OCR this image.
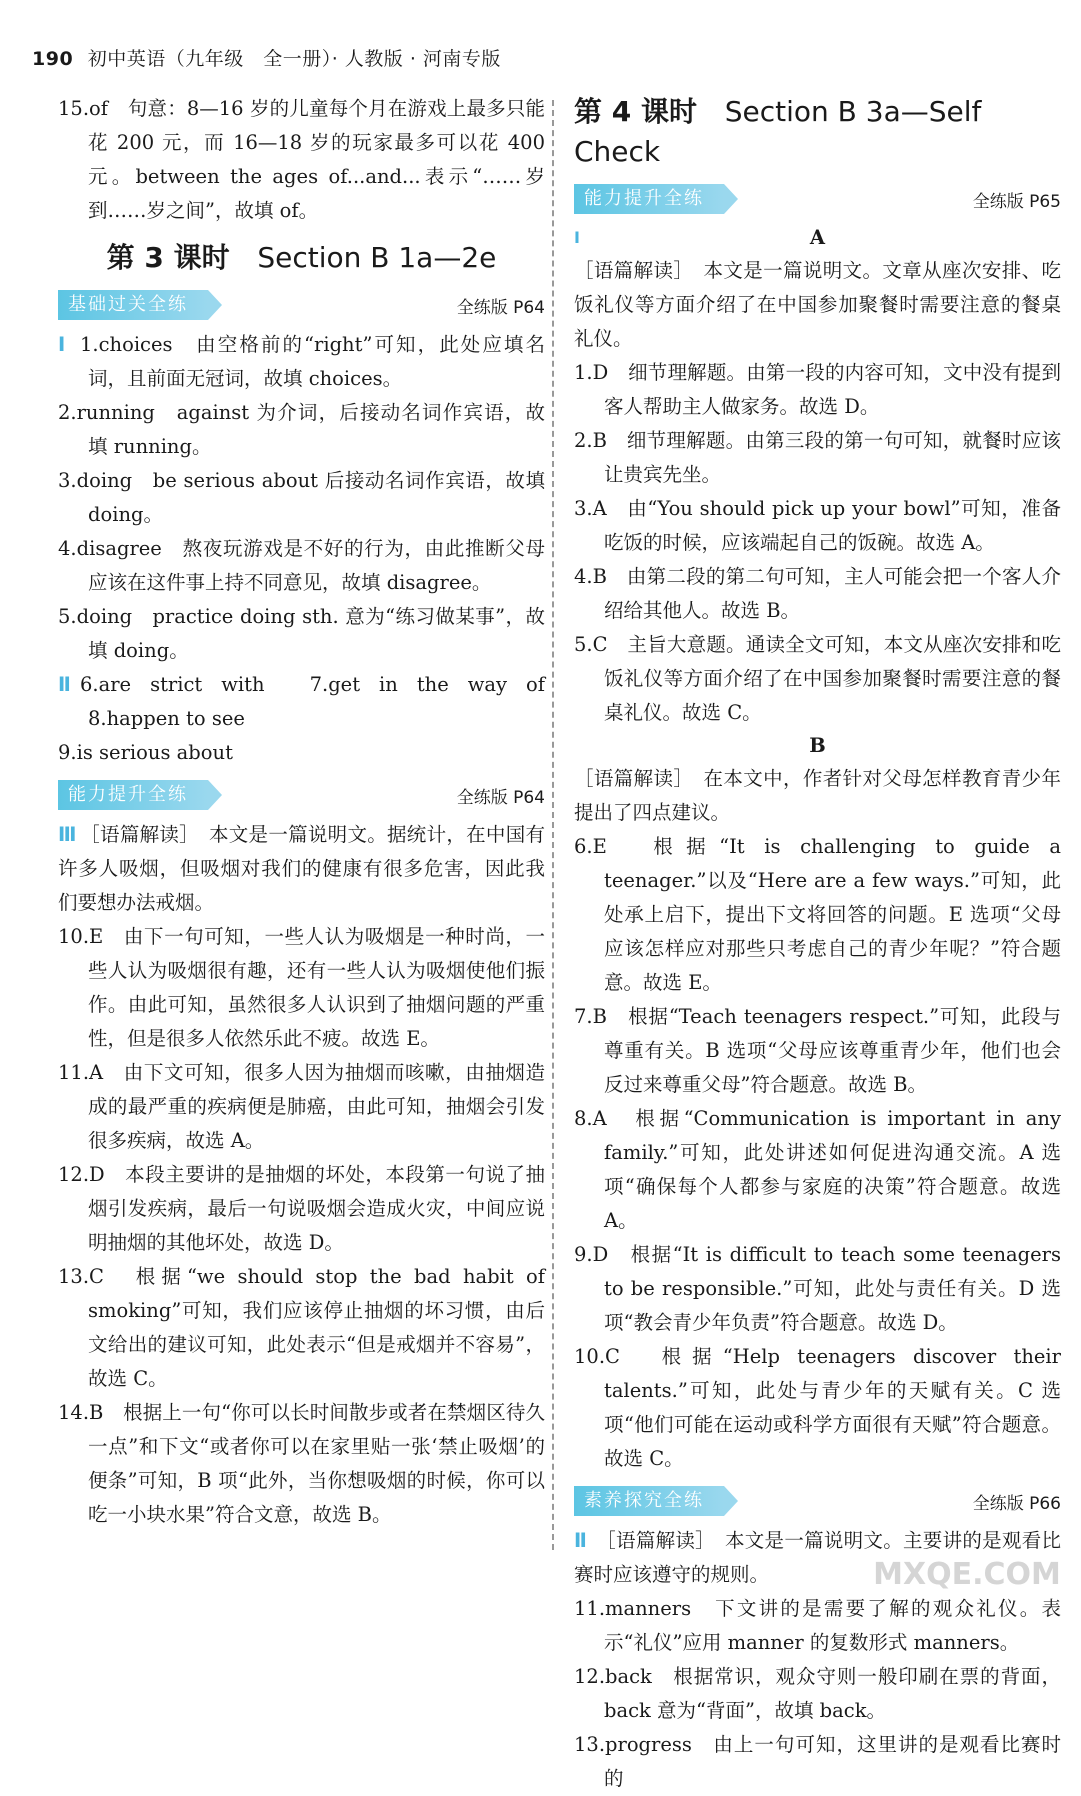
190 初中英语（九年级　全一册）· 人教版 · 河南专版

15.of　句意：8—16 岁的儿童每个月在游戏上最多只能花 200 元，而 16—18 岁的玩家最多可以花 400 元。between the ages of...and...表示“……岁到……岁之间”，故填 of。

第 3 课时 Section B 1a—2e
基础过关全练	全练版 P64

Ⅰ 1.choices　由空格前的“right”可知，此处应填名词，且前面无冠词，故填 choices。

2.running　against 为介词，后接动名词作宾语，故填 running。

3.doing　be serious about 后接动名词作宾语，故填 doing。

4.disagree　熬夜玩游戏是不好的行为，由此推断父母应该在这件事上持不同意见，故填 disagree。

5.doing　practice doing sth. 意为“练习做某事”，故填 doing。

Ⅱ 6.are strict with　7.get in the way of　8.happen to see

9.is serious about

能力提升全练	全练版 P64

Ⅲ ［语篇解读］　本文是一篇说明文。据统计，在中国有许多人吸烟，但吸烟对我们的健康有很多危害，因此我们要想办法戒烟。

10.E　由下一句可知，一些人认为吸烟是一种时尚，一些人认为吸烟很有趣，还有一些人认为吸烟使他们振作。由此可知，虽然很多人认识到了抽烟问题的严重性，但是很多人依然乐此不疲。故选 E。

11.A　由下文可知，很多人因为抽烟而咳嗽，由抽烟造成的最严重的疾病便是肺癌，由此可知，抽烟会引发很多疾病，故选 A。

12.D　本段主要讲的是抽烟的坏处，本段第一句说了抽烟引发疾病，最后一句说吸烟会造成火灾，中间应说明抽烟的其他坏处，故选 D。

13.C　根据“we should stop the bad habit of smoking”可知，我们应该停止抽烟的坏习惯，由后文给出的建议可知，此处表示“但是戒烟并不容易”，故选 C。

14.B　根据上一句“你可以长时间散步或者在禁烟区待久一点”和下文“或者你可以在家里贴一张‘禁止吸烟’的便条”可知，B 项“此外，当你想吸烟的时候，你可以吃一小块水果”符合文意，故选 B。

第 4 课时 Section B 3a—Self Check
能力提升全练	全练版 P65
Ⅰ	A

［语篇解读］　本文是一篇说明文。文章从座次安排、吃饭礼仪等方面介绍了在中国参加聚餐时需要注意的餐桌礼仪。

1.D　细节理解题。由第一段的内容可知，文中没有提到客人帮助主人做家务。故选 D。

2.B　细节理解题。由第三段的第一句可知，就餐时应该让贵宾先坐。

3.A　由“You should pick up your bowl”可知，准备吃饭的时候，应该端起自己的饭碗。故选 A。

4.B　由第二段的第二句可知，主人可能会把一个客人介绍给其他人。故选 B。

5.C　主旨大意题。通读全文可知，本文从座次安排和吃饭礼仪等方面介绍了在中国参加聚餐时需要注意的餐桌礼仪。故选 C。

B

［语篇解读］　在本文中，作者针对父母怎样教育青少年提出了四点建议。

6.E　根据“It is challenging to guide a teenager.”以及“Here are a few ways.”可知，此处承上启下，提出下文将回答的问题。E 选项“父母应该怎样应对那些只考虑自己的青少年呢？”符合题意。故选 E。

7.B　根据“Teach teenagers respect.”可知，此段与尊重有关。B 选项“父母应该尊重青少年，他们也会反过来尊重父母”符合题意。故选 B。

8.A　根据“Communication is important in any family.”可知，此处讲述如何促进沟通交流。A 选项“确保每个人都参与家庭的决策”符合题意。故选 A。

9.D　根据“It is difficult to teach some teenagers to be responsible.”可知，此处与责任有关。D 选项“教会青少年负责”符合题意。故选 D。

10.C　根据“Help teenagers discover their talents.”可知，此处与青少年的天赋有关。C 选项“他们可能在运动或科学方面很有天赋”符合题意。故选 C。

素养探究全练	全练版 P66

Ⅱ ［语篇解读］　本文是一篇说明文。主要讲的是观看比赛时应该遵守的规则。

11.manners　下文讲的是需要了解的观众礼仪。表示“礼仪”应用 manner 的复数形式 manners。

12.back　根据常识，观众守则一般印刷在票的背面，back 意为“背面”，故填 back。

13.progress　由上一句可知，这里讲的是观看比赛时的

MXQE.COM
